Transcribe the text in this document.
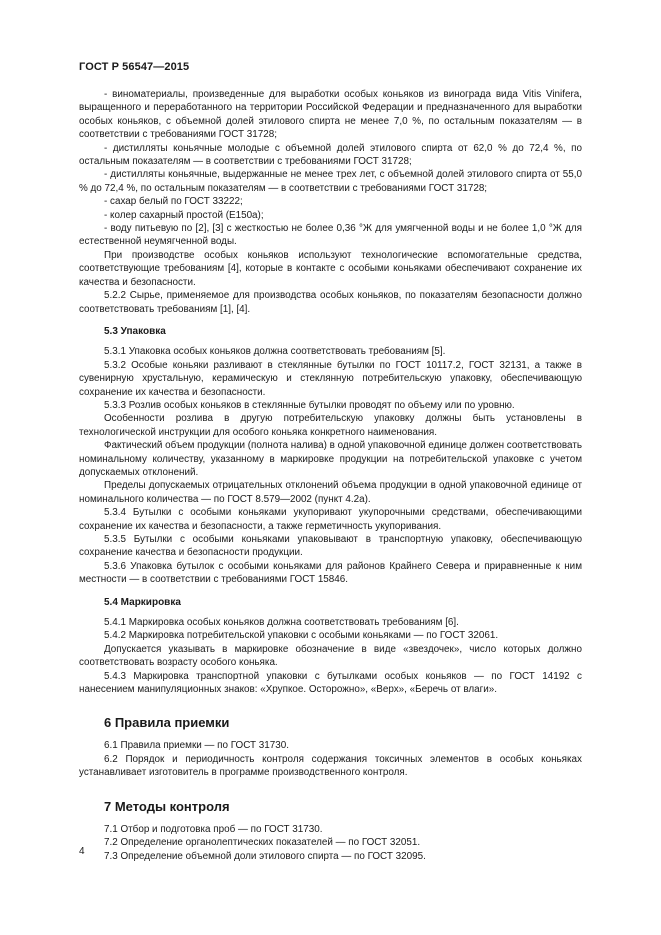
ГОСТ Р 56547—2015

- виноматериалы, произведенные для выработки особых коньяков из винограда вида Vitis Vinifera, выращенного и переработанного на территории Российской Федерации и предназначенного для выработки особых коньяков, с объемной долей этилового спирта не менее 7,0 %, по остальным показателям — в соответствии с требованиями ГОСТ 31728;

- дистилляты коньячные молодые с объемной долей этилового спирта от 62,0 % до 72,4 %, по остальным показателям — в соответствии с требованиями ГОСТ 31728;

- дистилляты коньячные, выдержанные не менее трех лет, с объемной долей этилового спирта от 55,0 % до 72,4 %, по остальным показателям — в соответствии с требованиями ГОСТ 31728;

- сахар белый по ГОСТ 33222;

- колер сахарный простой (Е150а);

- воду питьевую по [2], [3] с жесткостью не более 0,36 °Ж для умягченной воды и не более 1,0 °Ж для естественной неумягченной воды.

При производстве особых коньяков используют технологические вспомогательные средства, соответствующие требованиям [4], которые в контакте с особыми коньяками обеспечивают сохранение их качества и безопасности.

5.2.2 Сырье, применяемое для производства особых коньяков, по показателям безопасности должно соответствовать требованиям [1], [4].

5.3 Упаковка

5.3.1 Упаковка особых коньяков должна соответствовать требованиям [5].

5.3.2 Особые коньяки разливают в стеклянные бутылки по ГОСТ 10117.2, ГОСТ 32131, а также в сувенирную хрустальную, керамическую и стеклянную потребительскую упаковку, обеспечивающую сохранение их качества и безопасности.

5.3.3 Розлив особых коньяков в стеклянные бутылки проводят по объему или по уровню.

Особенности розлива в другую потребительскую упаковку должны быть установлены в технологической инструкции для особого коньяка конкретного наименования.

Фактический объем продукции (полнота налива) в одной упаковочной единице должен соответствовать номинальному количеству, указанному в маркировке продукции на потребительской упаковке с учетом допускаемых отклонений.

Пределы допускаемых отрицательных отклонений объема продукции в одной упаковочной единице от номинального количества — по ГОСТ 8.579—2002 (пункт 4.2а).

5.3.4 Бутылки с особыми коньяками укупоривают укупорочными средствами, обеспечивающими сохранение их качества и безопасности, а также герметичность укупоривания.

5.3.5 Бутылки с особыми коньяками упаковывают в транспортную упаковку, обеспечивающую сохранение качества и безопасности продукции.

5.3.6 Упаковка бутылок с особыми коньяками для районов Крайнего Севера и приравненные к ним местности — в соответствии с требованиями ГОСТ 15846.

5.4 Маркировка

5.4.1 Маркировка особых коньяков должна соответствовать требованиям [6].

5.4.2 Маркировка потребительской упаковки с особыми коньяками — по ГОСТ 32061.

Допускается указывать в маркировке обозначение в виде «звездочек», число которых должно соответствовать возрасту особого коньяка.

5.4.3 Маркировка транспортной упаковки с бутылками особых коньяков — по ГОСТ 14192 с нанесением манипуляционных знаков: «Хрупкое. Осторожно», «Верх», «Беречь от влаги».

6 Правила приемки

6.1 Правила приемки — по ГОСТ 31730.

6.2 Порядок и периодичность контроля содержания токсичных элементов в особых коньяках устанавливает изготовитель в программе производственного контроля.

7 Методы контроля

7.1 Отбор и подготовка проб — по ГОСТ 31730.

7.2 Определение органолептических показателей — по ГОСТ 32051.

7.3 Определение объемной доли этилового спирта — по ГОСТ 32095.

4
